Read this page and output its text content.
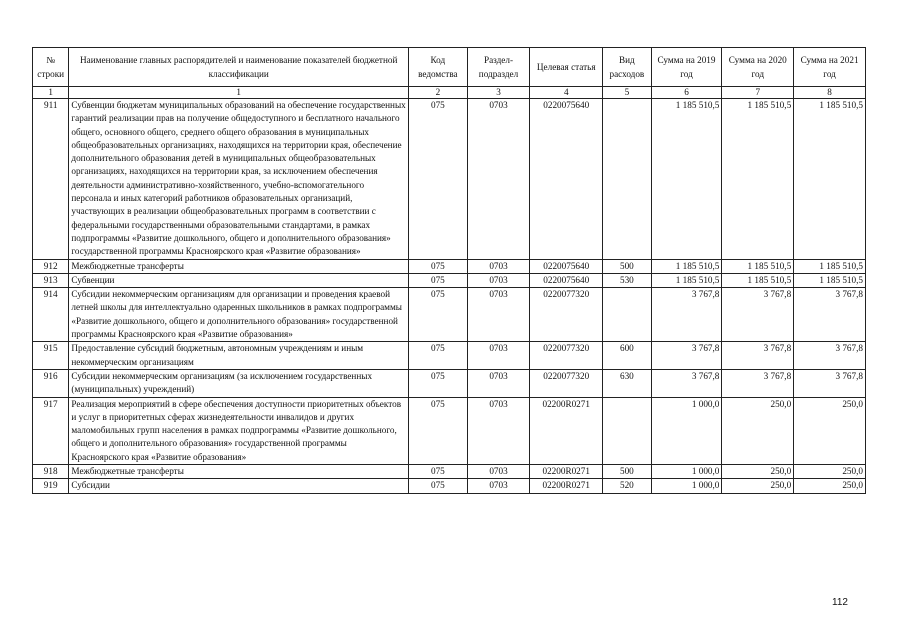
№ строки	Наименование главных распорядителей и наименование показателей бюджетной классификации	Код ведомства	Раздел-подраздел	Целевая статья	Вид расходов	Сумма на 2019 год	Сумма на 2020 год	Сумма на 2021 год
1	1	2	3	4	5	6	7	8
911	Субвенции бюджетам муниципальных образований на обеспечение государственных гарантий реализации прав на получение общедоступного и бесплатного начального общего, основного общего, среднего общего образования в муниципальных общеобразовательных организациях, находящихся на территории края, обеспечение дополнительного образования детей в муниципальных общеобразовательных организациях, находящихся на территории края, за исключением обеспечения деятельности административно-хозяйственного, учебно-вспомогательного персонала и иных категорий работников образовательных организаций, участвующих в реализации общеобразовательных программ в соответствии с федеральными государственными образовательными стандартами, в рамках подпрограммы «Развитие дошкольного, общего и дополнительного образования» государственной программы Красноярского края «Развитие образования»	075	0703	0220075640		1 185 510,5	1 185 510,5	1 185 510,5
912	Межбюджетные трансферты	075	0703	0220075640	500	1 185 510,5	1 185 510,5	1 185 510,5
913	Субвенции	075	0703	0220075640	530	1 185 510,5	1 185 510,5	1 185 510,5
914	Субсидии некоммерческим организациям для организации и проведения краевой летней школы для интеллектуально одаренных школьников в рамках подпрограммы «Развитие дошкольного, общего и дополнительного образования» государственной программы Красноярского края «Развитие образования»	075	0703	0220077320		3 767,8	3 767,8	3 767,8
915	Предоставление субсидий бюджетным, автономным учреждениям и иным некоммерческим организациям	075	0703	0220077320	600	3 767,8	3 767,8	3 767,8
916	Субсидии некоммерческим организациям (за исключением государственных (муниципальных) учреждений)	075	0703	0220077320	630	3 767,8	3 767,8	3 767,8
917	Реализация мероприятий в сфере обеспечения доступности приоритетных объектов и услуг в приоритетных сферах жизнедеятельности инвалидов и других маломобильных групп населения в рамках подпрограммы «Развитие дошкольного, общего и дополнительного образования» государственной программы Красноярского края «Развитие образования»	075	0703	02200R0271		1 000,0	250,0	250,0
918	Межбюджетные трансферты	075	0703	02200R0271	500	1 000,0	250,0	250,0
919	Субсидии	075	0703	02200R0271	520	1 000,0	250,0	250,0
112
